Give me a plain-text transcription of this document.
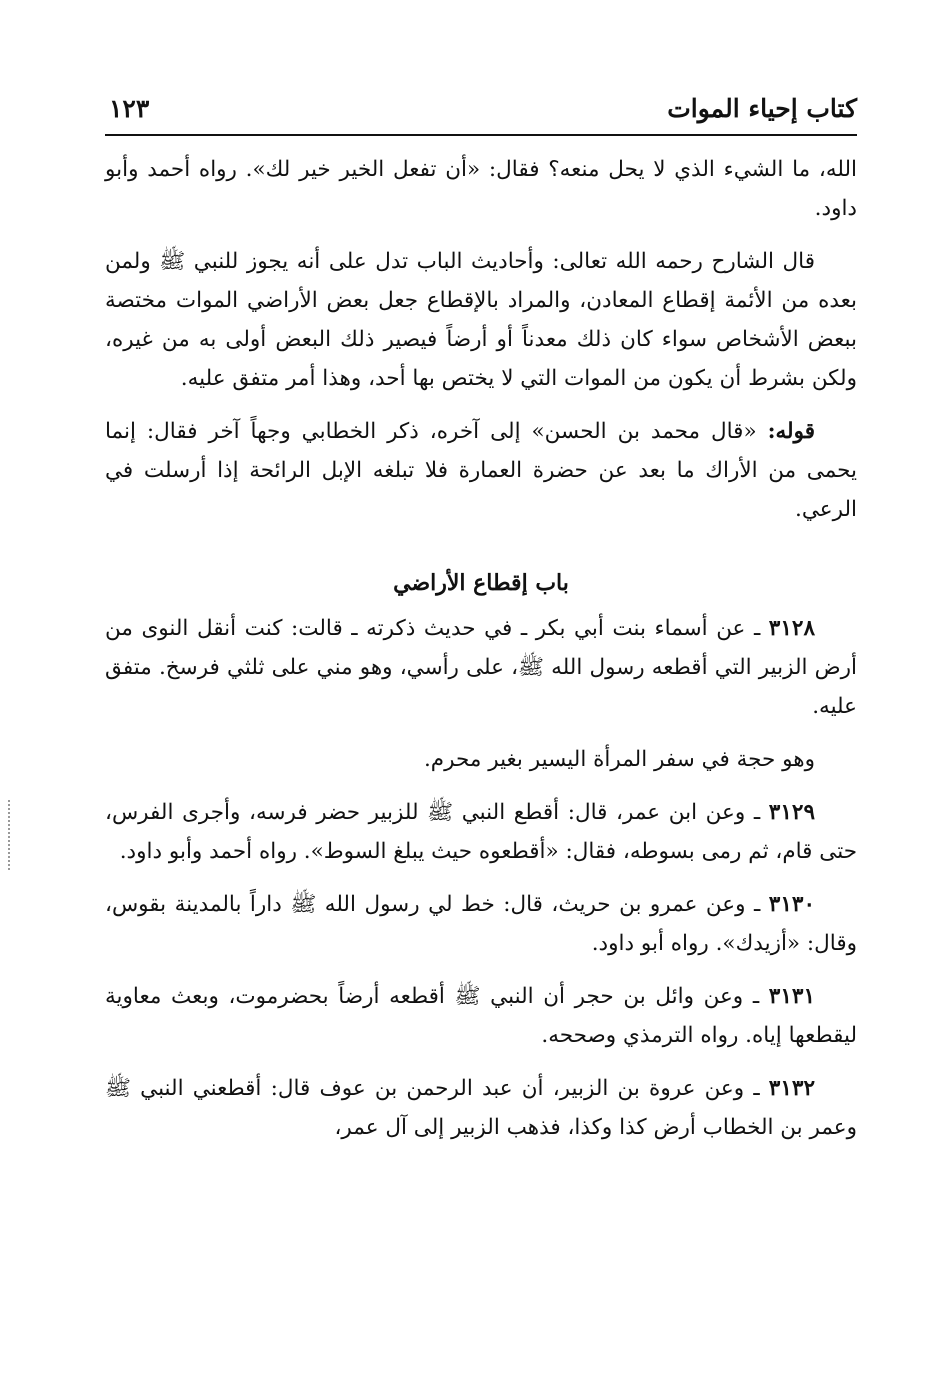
كتاب إحياء الموات
١٢٣

الله، ما الشيء الذي لا يحل منعه؟ فقال: «أن تفعل الخير خير لك». رواه أحمد وأبو داود.

قال الشارح رحمه الله تعالى: وأحاديث الباب تدل على أنه يجوز للنبي ﷺ ولمن بعده من الأئمة إقطاع المعادن، والمراد بالإقطاع جعل بعض الأراضي الموات مختصة ببعض الأشخاص سواء كان ذلك معدناً أو أرضاً فيصير ذلك البعض أولى به من غيره، ولكن بشرط أن يكون من الموات التي لا يختص بها أحد، وهذا أمر متفق عليه.

قوله: «قال محمد بن الحسن» إلى آخره، ذكر الخطابي وجهاً آخر فقال: إنما يحمى من الأراك ما بعد عن حضرة العمارة فلا تبلغه الإبل الرائحة إذا أرسلت في الرعي.

باب إقطاع الأراضي

٣١٢٨ ـ عن أسماء بنت أبي بكر ـ في حديث ذكرته ـ قالت: كنت أنقل النوى من أرض الزبير التي أقطعه رسول الله ﷺ، على رأسي، وهو مني على ثلثي فرسخ. متفق عليه.

وهو حجة في سفر المرأة اليسير بغير محرم.

٣١٢٩ ـ وعن ابن عمر، قال: أقطع النبي ﷺ للزبير حضر فرسه، وأجرى الفرس، حتى قام، ثم رمى بسوطه، فقال: «أقطعوه حيث يبلغ السوط». رواه أحمد وأبو داود.

٣١٣٠ ـ وعن عمرو بن حريث، قال: خط لي رسول الله ﷺ داراً بالمدينة بقوس، وقال: «أزيدك». رواه أبو داود.

٣١٣١ ـ وعن وائل بن حجر أن النبي ﷺ أقطعه أرضاً بحضرموت، وبعث معاوية ليقطعها إياه. رواه الترمذي وصححه.

٣١٣٢ ـ وعن عروة بن الزبير، أن عبد الرحمن بن عوف قال: أقطعني النبي ﷺ وعمر بن الخطاب أرض كذا وكذا، فذهب الزبير إلى آل عمر،
